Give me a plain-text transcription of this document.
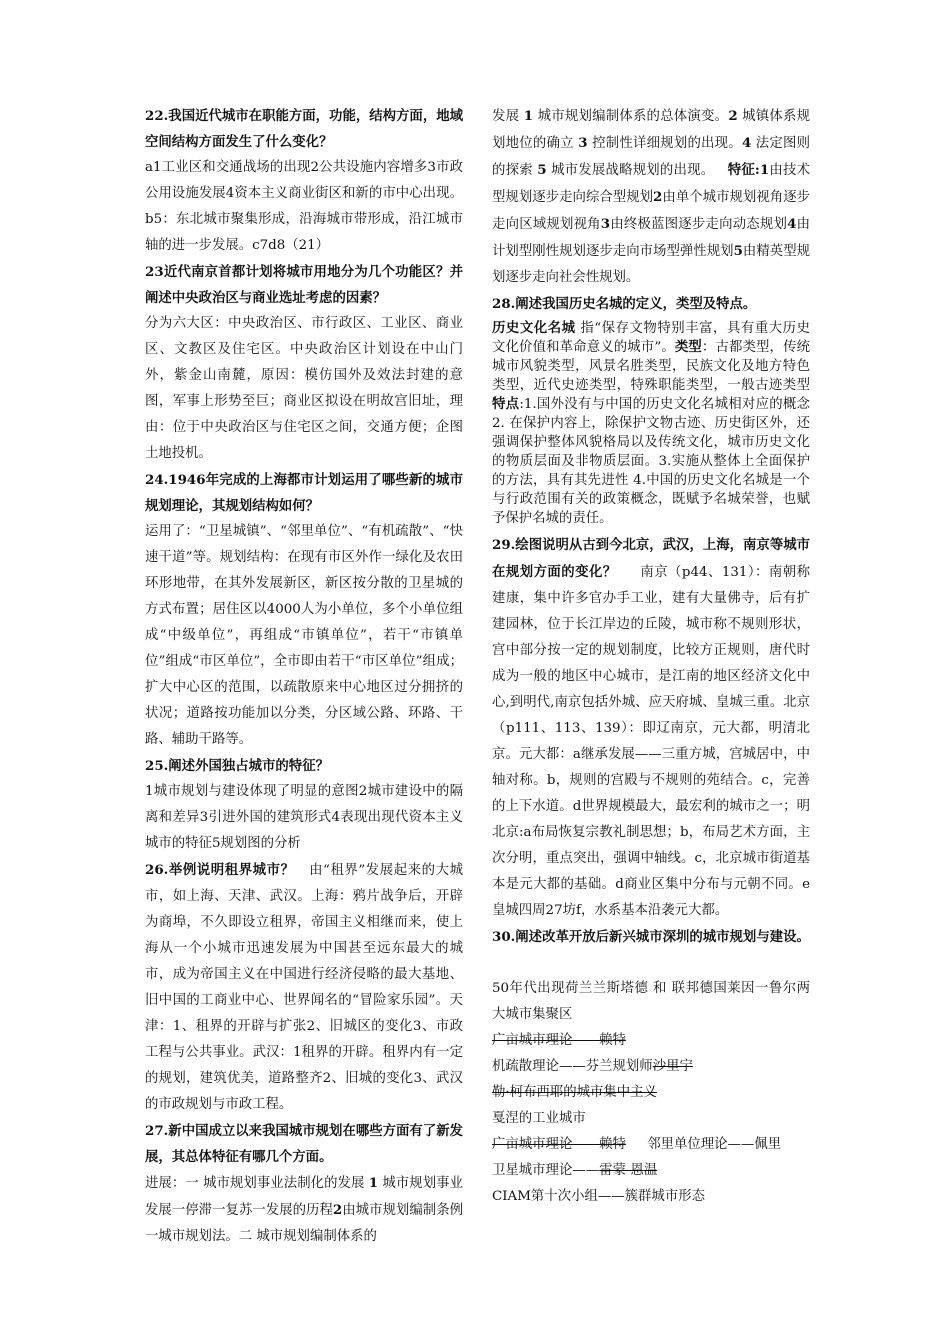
22.我国近代城市在职能方面，功能，结构方面，地域空间结构方面发生了什么变化？

a1工业区和交通战场的出现2公共设施内容增多3市政公用设施发展4资本主义商业街区和新的市中心出现。b5：东北城市聚集形成，沿海城市带形成，沿江城市轴的进一步发展。c7d8（21）

23近代南京首都计划将城市用地分为几个功能区？并阐述中央政治区与商业选址考虑的因素？

分为六大区：中央政治区、市行政区、工业区、商业区、文教区及住宅区。中央政治区计划设在中山门外，紫金山南麓，原因：模仿国外及效法封建的意图，军事上形势至巨；商业区拟设在明故宫旧址，理由：位于中央政治区与住宅区之间，交通方便；企图土地投机。

24.1946年完成的上海都市计划运用了哪些新的城市规划理论，其规划结构如何？

运用了：“卫星城镇”、“邻里单位”、“有机疏散”、“快速干道”等。规划结构：在现有市区外作一绿化及农田环形地带，在其外发展新区，新区按分散的卫星城的方式布置；居住区以4000人为小单位，多个小单位组成“中级单位”，再组成“市镇单位”，若干“市镇单位”组成“市区单位”，全市即由若干“市区单位”组成；扩大中心区的范围，以疏散原来中心地区过分拥挤的状况；道路按功能加以分类，分区域公路、环路、干路、辅助干路等。

25.阐述外国独占城市的特征？

1城市规划与建设体现了明显的意图2城市建设中的隔离和差异3引进外国的建筑形式4表现出现代资本主义城市的特征5规划图的分析

26.举例说明租界城市？ 由“租界”发展起来的大城市，如上海、天津、武汉。上海：鸦片战争后，开辟为商埠，不久即设立租界，帝国主义相继而来，使上海从一个小城市迅速发展为中国甚至远东最大的城市，成为帝国主义在中国进行经济侵略的最大基地、旧中国的工商业中心、世界闻名的“冒险家乐园”。天津：1、租界的开辟与扩张2、旧城区的变化3、市政工程与公共事业。武汉：1租界的开辟。租界内有一定的规划，建筑优美，道路整齐2、旧城的变化3、武汉的市政规划与市政工程。

27.新中国成立以来我国城市规划在哪些方面有了新发展，其总体特征有哪几个方面。

进展：一 城市规划事业法制化的发展 1 城市规划事业发展一停滞一复苏一发展的历程2由城市规划编制条例一城市规划法。二 城市规划编制体系的

发展 1 城市规划编制体系的总体演变。2 城镇体系规划地位的确立 3 控制性详细规划的出现。4 法定图则的探索 5 城市发展战略规划的出现。 特征:1由技术型规划逐步走向综合型规划2由单个城市规划视角逐步走向区域规划视角3由终极蓝图逐步走向动态规划4由计划型刚性规划逐步走向市场型弹性规划5由精英型规划逐步走向社会性规划。

28.阐述我国历史名城的定义，类型及特点。

历史文化名城 指“保存文物特别丰富，具有重大历史文化价值和革命意义的城市”。类型：古都类型，传统城市风貌类型，风景名胜类型，民族文化及地方特色类型，近代史迹类型，特殊职能类型，一般古迹类型 特点:1.国外没有与中国的历史文化名城相对应的概念 2. 在保护内容上，除保护文物古迹、历史街区外，还强调保护整体风貌格局以及传统文化，城市历史文化的物质层面及非物质层面。3.实施从整体上全面保护的方法，具有其先进性 4.中国的历史文化名城是一个与行政范围有关的政策概念，既赋予名城荣誉，也赋予保护名城的责任。

29.绘图说明从古到今北京，武汉，上海，南京等城市在规划方面的变化？ 南京（p44、131）：南朝称建康，集中许多官办手工业，建有大量佛寺，后有扩建园林，位于长江岸边的丘陵，城市称不规则形状，宫中部分按一定的规划制度，比较方正规则，唐代时成为一般的地区中心城市，是江南的地区经济文化中心,到明代,南京包括外城、应天府城、皇城三重。北京（p111、113、139）：即辽南京，元大都，明清北京。元大都：a继承发展——三重方城，宫城居中，中轴对称。b，规则的宫殿与不规则的苑结合。c，完善的上下水道。d世界规模最大，最宏利的城市之一；明北京:a布局恢复宗教礼制思想；b，布局艺术方面，主次分明，重点突出，强调中轴线。c，北京城市街道基本是元大都的基础。d商业区集中分布与元朝不同。e皇城四周27坊f，水系基本沿袭元大都。

30.阐述改革开放后新兴城市深圳的城市规划与建设。

50年代出现荷兰兰斯塔德 和 联邦德国莱因一鲁尔两大城市集聚区

广亩城市理论——赖特

机疏散理论——芬兰规划师沙里宁

勒·柯布西耶的城市集中主义

戛涅的工业城市

广亩城市理论——赖特     邻里单位理论——佩里

卫星城市理论——雷蒙-恩温

CIAM第十次小组——簇群城市形态
